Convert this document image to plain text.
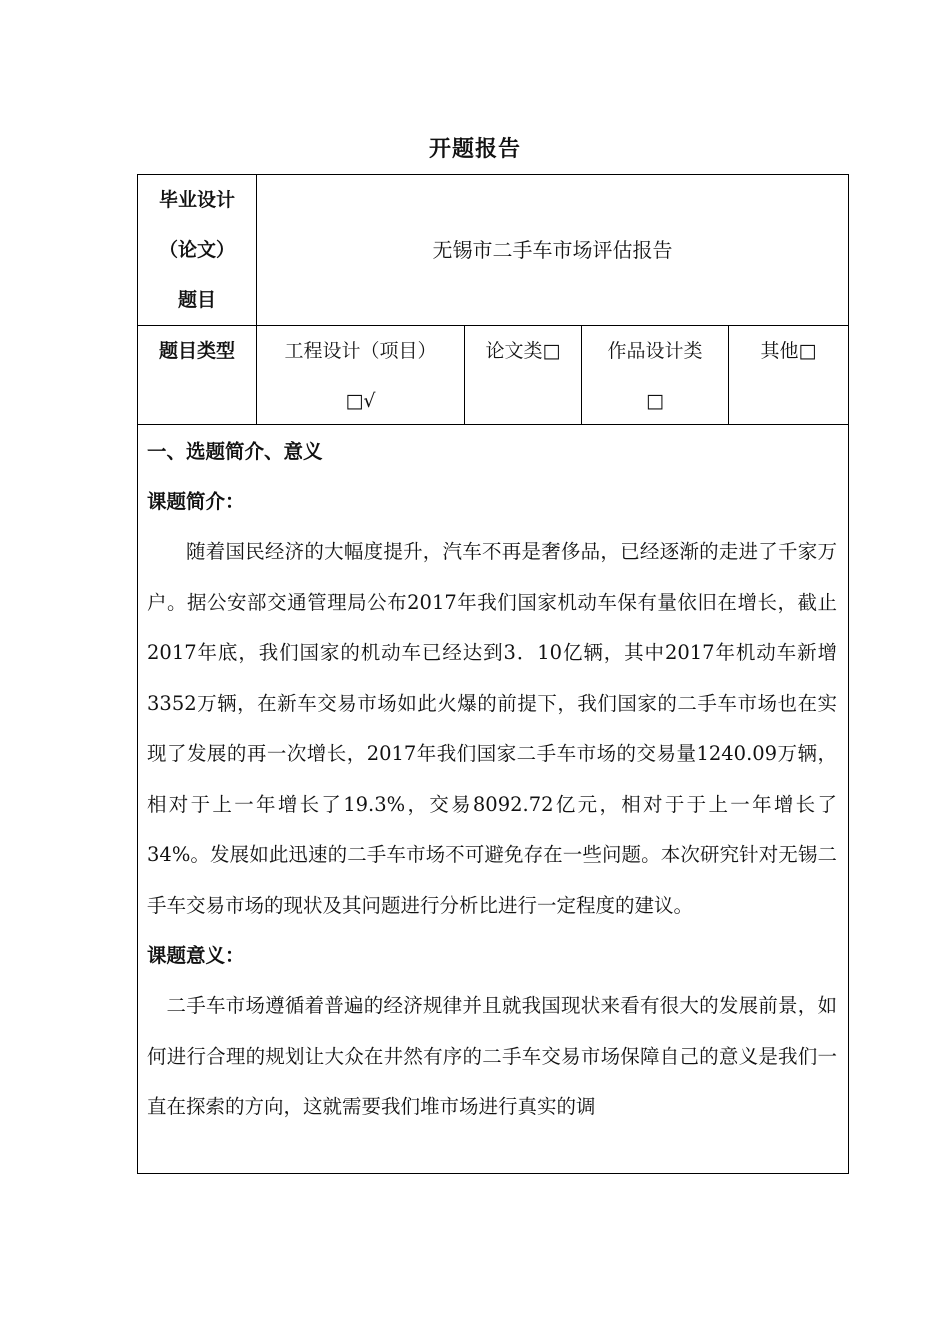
开题报告
毕业设计
（论文）
题目
无锡市二手车市场评估报告
题目类型	工程设计（项目）
□√
论文类□	作品设计类
□
其他□
一、选题简介、意义
课题简介：
随着国民经济的大幅度提升，汽车不再是奢侈品，已经逐渐的走进了千家万户。据公安部交通管理局公布2017年我们国家机动车保有量依旧在增长，截止2017年底，我们国家的机动车已经达到3．10亿辆，其中2017年机动车新增3352万辆，在新车交易市场如此火爆的前提下，我们国家的二手车市场也在实现了发展的再一次增长，2017年我们国家二手车市场的交易量1240.09万辆，相对于上一年增长了19.3%，交易8092.72亿元，相对于于上一年增长了34%。发展如此迅速的二手车市场不可避免存在一些问题。本次研究针对无锡二手车交易市场的现状及其问题进行分析比进行一定程度的建议。
课题意义：
二手车市场遵循着普遍的经济规律并且就我国现状来看有很大的发展前景，如何进行合理的规划让大众在井然有序的二手车交易市场保障自己的意义是我们一直在探索的方向，这就需要我们堆市场进行真实的调
